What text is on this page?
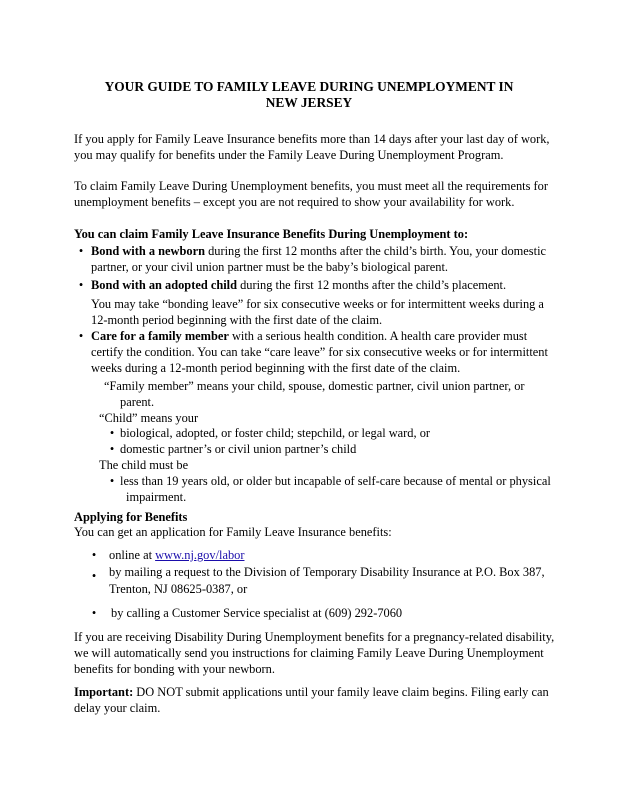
YOUR GUIDE TO FAMILY LEAVE DURING UNEMPLOYMENT IN
NEW JERSEY

If you apply for Family Leave Insurance benefits more than 14 days after your last day of work,

you may qualify for benefits under the Family Leave During Unemployment Program.

To claim Family Leave During Unemployment benefits, you must meet all the requirements for

unemployment benefits – except you are not required to show your availability for work.

You can claim Family Leave Insurance Benefits During Unemployment to:
• Bond with a newborn during the first 12 months after the child’s birth. You, your domestic

partner, or your civil union partner must be the baby’s biological parent.

• Bond with an adopted child during the first 12 months after the child’s placement.

You may take “bonding leave” for six consecutive weeks or for intermittent weeks during a

12-month period beginning with the first date of the claim.

• Care for a family member with a serious health condition. A health care provider must

certify the condition. You can take “care leave” for six consecutive weeks or for intermittent

weeks during a 12-month period beginning with the first date of the claim.

“Family member” means your child, spouse, domestic partner, civil union partner, or

parent.

“Child” means your
• biological, adopted, or foster child; stepchild, or legal ward, or
• domestic partner’s or civil union partner’s child
The child must be
• less than 19 years old, or older but incapable of self-care because of mental or physical

impairment.

Applying for Benefits
You can get an application for Family Leave Insurance benefits:
• online at www.nj.gov/labor
• by mailing a request to the Division of Temporary Disability Insurance at P.O. Box 387,

Trenton, NJ 08625-0387, or

• by calling a Customer Service specialist at (609) 292-7060

If you are receiving Disability During Unemployment benefits for a pregnancy-related disability,

we will automatically send you instructions for claiming Family Leave During Unemployment

benefits for bonding with your newborn.

Important: DO NOT submit applications until your family leave claim begins. Filing early can

delay your claim.
